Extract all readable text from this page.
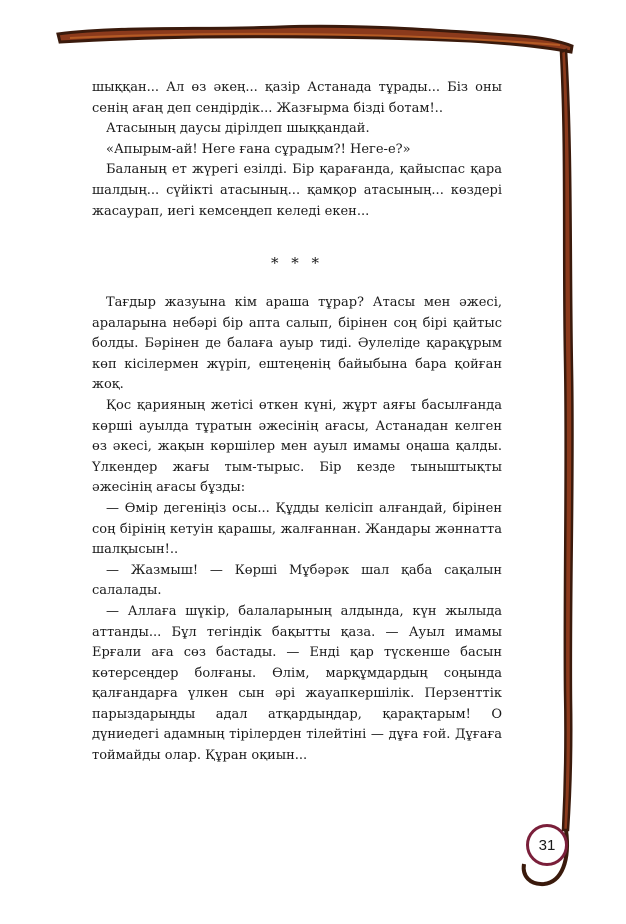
шыққан... Ал өз әкең... қазір Астанада тұрады... Біз оны сенің ағаң деп сендірдік... Жазғырма бізді ботам!..

Атасының даусы дірілдеп шыққандай.

«Апырым-ай! Неге ғана сұрадым?! Неге-е?»

Баланың ет жүрегі езілді. Бір қарағанда, қайыспас қара шалдың... сүйікті атасының... қамқор атасының... көздері жасаурап, иегі кемсеңдеп келеді екен...

* * *

Тағдыр жазуына кім араша тұрар? Атасы мен әжесі, араларына небәрі бір апта салып, бірінен соң бірі қайтыс болды. Бәрінен де балаға ауыр тиді. Әулеліде қарақұрым көп кісілермен жүріп, ештеңенің байыбына бара қойған жоқ.

Қос қарияның жетісі өткен күні, жұрт аяғы басылғанда көрші ауылда тұратын әжесінің ағасы, Астанадан келген өз әкесі, жақын көршілер мен ауыл имамы оңаша қалды. Үлкендер жағы тым-тырыс. Бір кезде тыныштықты әжесінің ағасы бұзды:

— Өмір дегеніңіз осы... Құдды келісіп алғандай, бірінен соң бірінің кетуін қарашы, жалғаннан. Жандары жәннатта шалқысын!..

— Жазмыш! — Көрші Мұбәрәк шал қаба сақалын салалады.

— Аллаға шүкір, балаларының алдында, күн жылыда аттанды... Бұл тегіндік бақытты қаза. — Ауыл имамы Ерғали аға сөз бастады. — Енді қар түскенше басын көтерсеңдер болғаны. Өлім, марқұмдардың соңында қалғандарға үлкен сын әрі жауапкершілік. Перзенттік парыздарыңды адал атқардыңдар, қарақтарым! О дүниедегі адамның тірілерден тілейтіні — дұға ғой. Дұғаға тоймайды олар. Құран оқиын...

31
